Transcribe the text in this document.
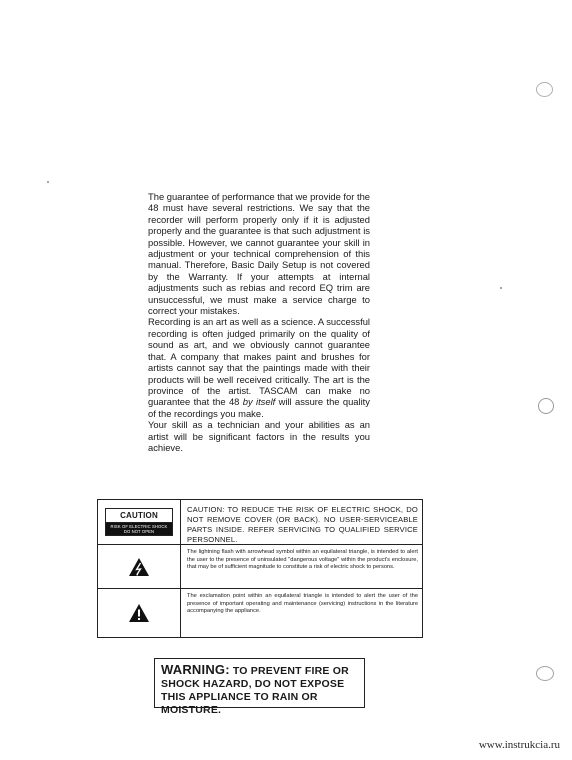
The guarantee of performance that we provide for the 48 must have several restrictions. We say that the recorder will perform properly only if it is adjusted properly and the guarantee is that such adjustment is possible. However, we cannot guarantee your skill in adjustment or your technical comprehension of this manual. Therefore, Basic Daily Setup is not covered by the Warranty. If your attempts at internal adjustments such as rebias and record EQ trim are unsuccessful, we must make a service charge to correct your mistakes.

Recording is an art as well as a science. A successful recording is often judged primarily on the quality of sound as art, and we obviously cannot guarantee that. A company that makes paint and brushes for artists cannot say that the paintings made with their products will be well received critically. The art is the province of the artist. TASCAM can make no guarantee that the 48 by itself will assure the quality of the recordings you make.

Your skill as a technician and your abilities as an artist will be significant factors in the results you achieve.

CAUTION
RISK OF ELECTRIC SHOCK
DO NOT OPEN
CAUTION: TO REDUCE THE RISK OF ELECTRIC SHOCK, DO NOT REMOVE COVER (OR BACK). NO USER-SERVICEABLE PARTS INSIDE. REFER SERVICING TO QUALIFIED SERVICE PERSONNEL.
The lightning flash with arrowhead symbol within an equilateral triangle, is intended to alert the user to the presence of uninsulated "dangerous voltage" within the product's enclosure, that may be of sufficient magnitude to constitute a risk of electric shock to persons.
The exclamation point within an equilateral triangle is intended to alert the user of the presence of important operating and maintenance (servicing) instructions in the literature accompanying the appliance.
WARNING: TO PREVENT FIRE OR SHOCK HAZARD, DO NOT EXPOSE THIS APPLIANCE TO RAIN OR MOISTURE.
www.instrukcia.ru
